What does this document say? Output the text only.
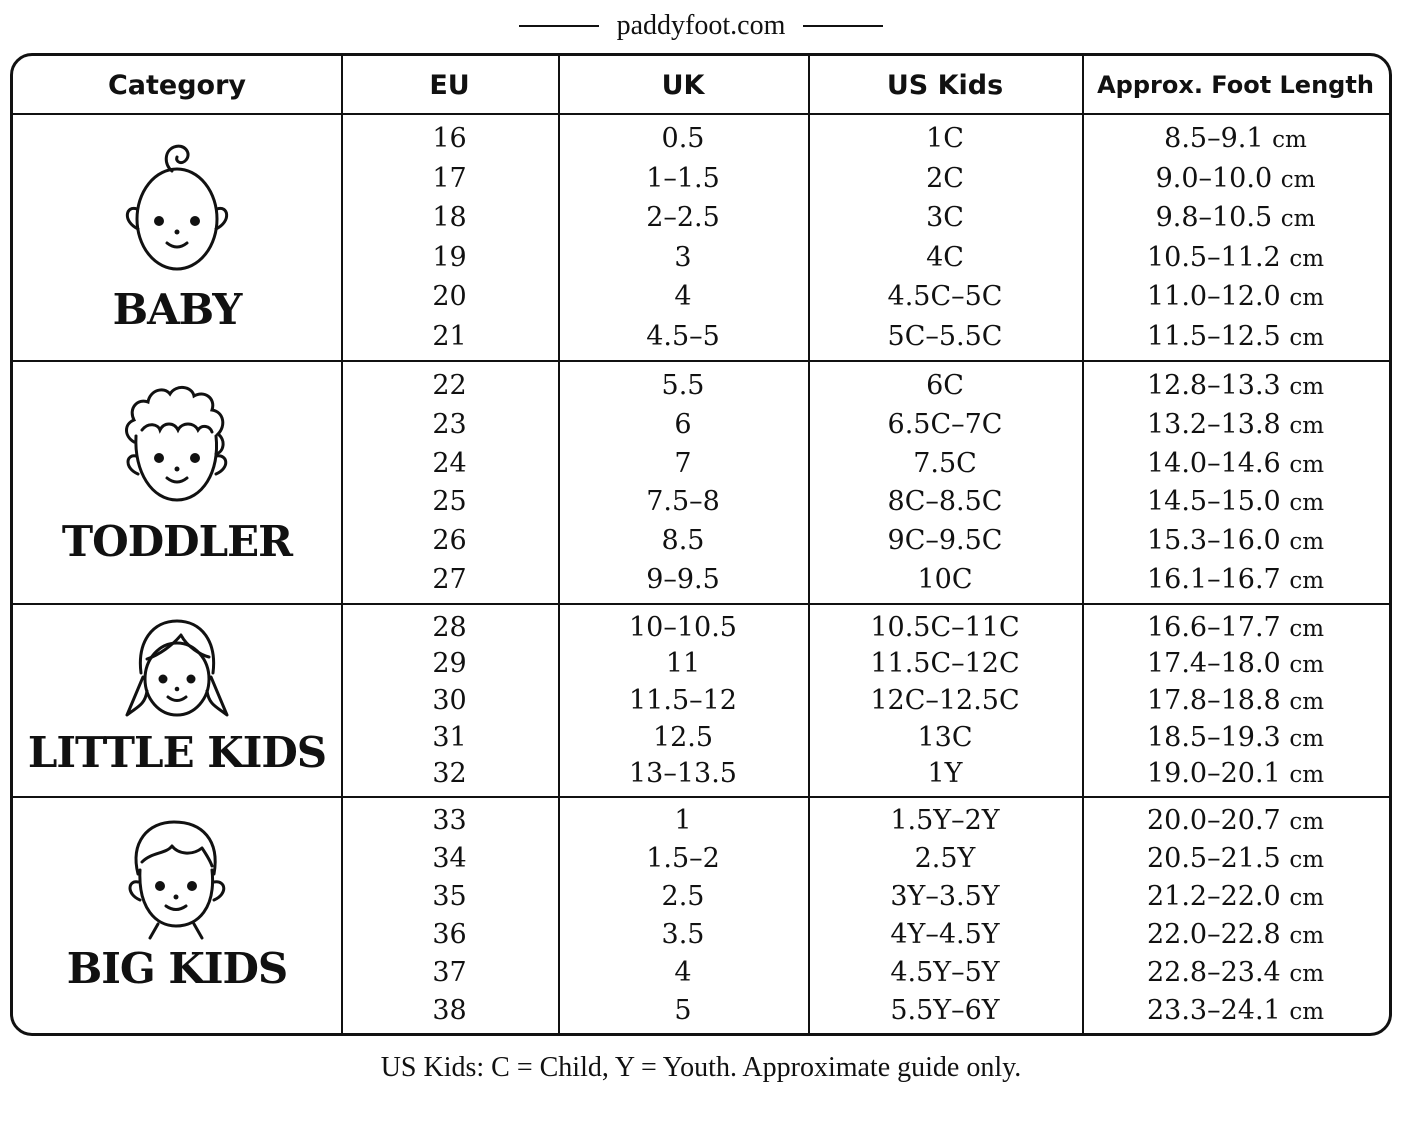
paddyfoot.com
Category	EU	UK	US Kids	Approx. Foot Length
BABY
16	0.5	1C	8.5–9.1 cm
17	1–1.5	2C	9.0–10.0 cm
18	2–2.5	3C	9.8–10.5 cm
19	3	4C	10.5–11.2 cm
20	4	4.5C–5C	11.0–12.0 cm
21	4.5–5	5C–5.5C	11.5–12.5 cm
TODDLER
22	5.5	6C	12.8–13.3 cm
23	6	6.5C–7C	13.2–13.8 cm
24	7	7.5C	14.0–14.6 cm
25	7.5–8	8C–8.5C	14.5–15.0 cm
26	8.5	9C–9.5C	15.3–16.0 cm
27	9–9.5	10C	16.1–16.7 cm
LITTLE KIDS
28	10–10.5	10.5C–11C	16.6–17.7 cm
29	11	11.5C–12C	17.4–18.0 cm
30	11.5–12	12C–12.5C	17.8–18.8 cm
31	12.5	13C	18.5–19.3 cm
32	13–13.5	1Y	19.0–20.1 cm
BIG KIDS
33	1	1.5Y–2Y	20.0–20.7 cm
34	1.5–2	2.5Y	20.5–21.5 cm
35	2.5	3Y–3.5Y	21.2–22.0 cm
36	3.5	4Y–4.5Y	22.0–22.8 cm
37	4	4.5Y–5Y	22.8–23.4 cm
38	5	5.5Y–6Y	23.3–24.1 cm
US Kids: C = Child, Y = Youth. Approximate guide only.
